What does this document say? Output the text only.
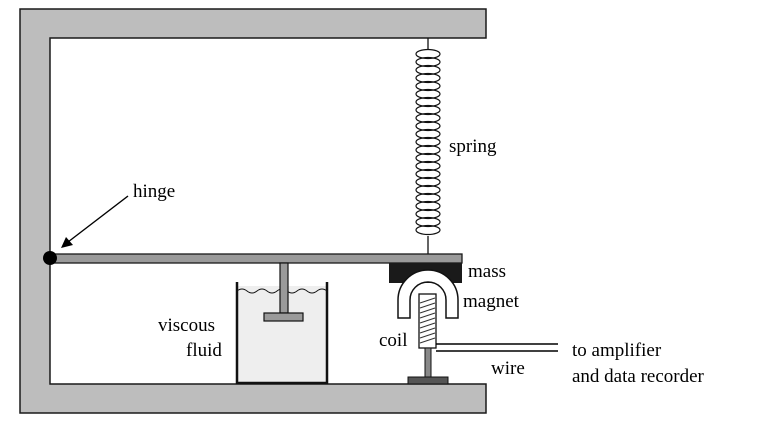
spring
hinge
mass
magnet
viscous
fluid	coil
wire
to amplifier
and data recorder
